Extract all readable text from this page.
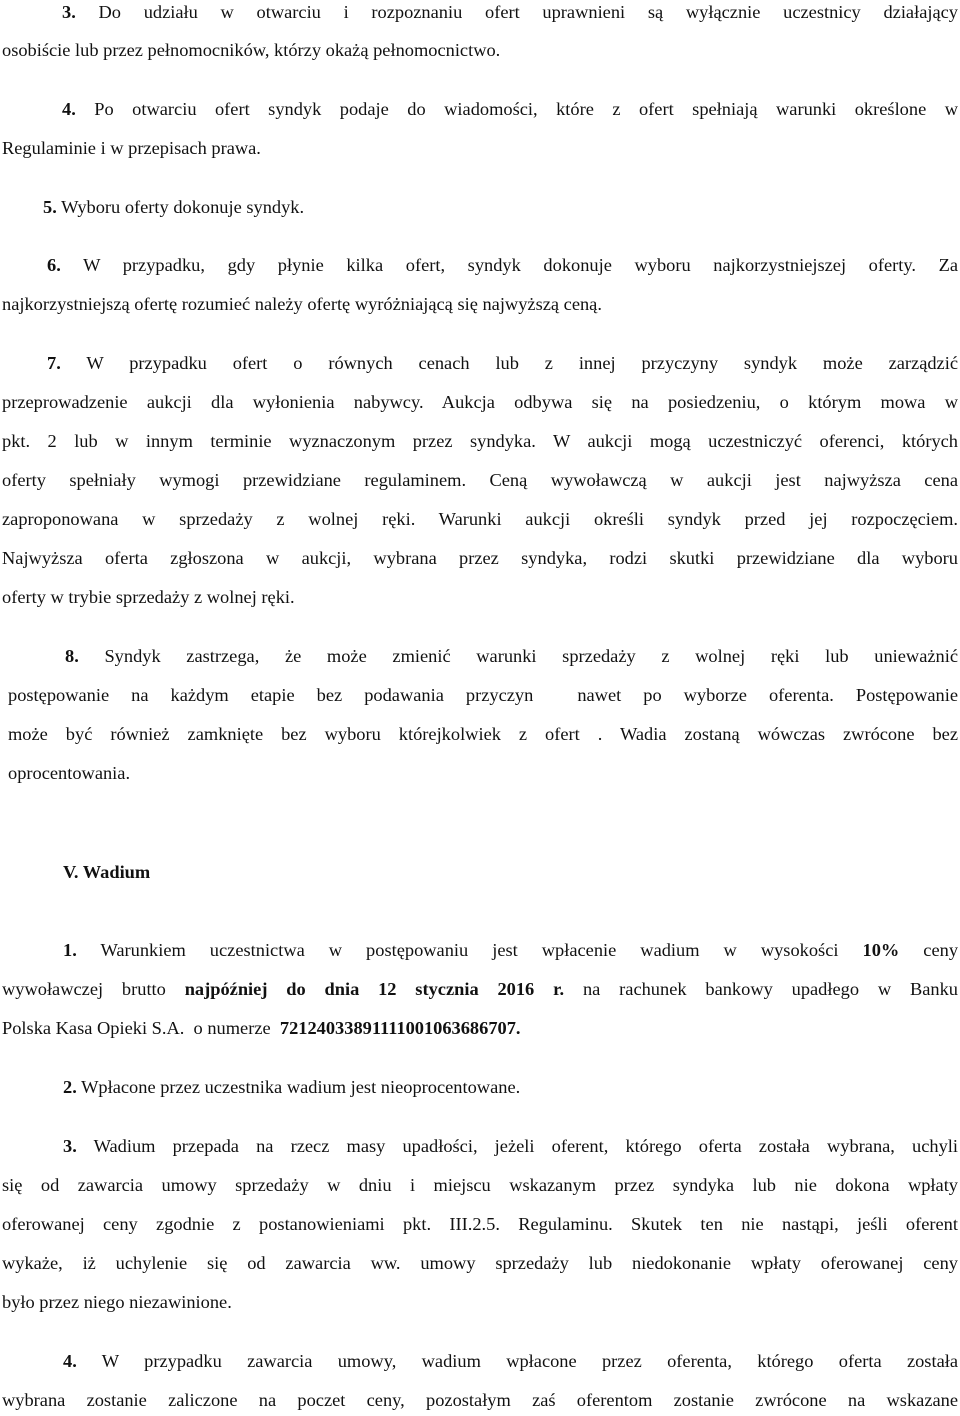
3. Do udziału w otwarciu i rozpoznaniu ofert uprawnieni są wyłącznie uczestnicy działający
osobiście lub przez pełnomocników, którzy okażą pełnomocnictwo.
4. Po otwarciu ofert syndyk podaje do wiadomości, które z ofert spełniają warunki określone w
Regulaminie i w przepisach prawa.
5. Wyboru oferty dokonuje syndyk.
6. W przypadku, gdy płynie kilka ofert, syndyk dokonuje wyboru najkorzystniejszej oferty. Za
najkorzystniejszą ofertę rozumieć należy ofertę wyróżniającą się najwyższą ceną.
7. W przypadku ofert o równych cenach lub z innej przyczyny syndyk może zarządzić
przeprowadzenie aukcji dla wyłonienia nabywcy. Aukcja odbywa się na posiedzeniu, o którym mowa w
pkt. 2 lub w innym terminie wyznaczonym przez syndyka. W aukcji mogą uczestniczyć oferenci, których
oferty spełniały wymogi przewidziane regulaminem. Ceną wywoławczą w aukcji jest najwyższa cena
zaproponowana w sprzedaży z wolnej ręki. Warunki aukcji określi syndyk przed jej rozpoczęciem.
Najwyższa oferta zgłoszona w aukcji, wybrana przez syndyka, rodzi skutki przewidziane dla wyboru
oferty w trybie sprzedaży z wolnej ręki.
8. Syndyk zastrzega, że może zmienić warunki sprzedaży z wolnej ręki lub unieważnić
postępowanie na każdym etapie bez podawania przyczyn  nawet po wyborze oferenta. Postępowanie
może być również zamknięte bez wyboru którejkolwiek z ofert . Wadia zostaną wówczas zwrócone bez
oprocentowania.
V. Wadium
1. Warunkiem uczestnictwa w postępowaniu jest wpłacenie wadium w wysokości 10% ceny
wywoławczej brutto najpóźniej do dnia 12 stycznia 2016 r. na rachunek bankowy upadłego w Banku
Polska Kasa Opieki S.A.  o numerze 72124033891111001063686707.
2. Wpłacone przez uczestnika wadium jest nieoprocentowane.
3. Wadium przepada na rzecz masy upadłości, jeżeli oferent, którego oferta została wybrana, uchyli
się od zawarcia umowy sprzedaży w dniu i miejscu wskazanym przez syndyka lub nie dokona wpłaty
oferowanej ceny zgodnie z postanowieniami pkt. III.2.5. Regulaminu. Skutek ten nie nastąpi, jeśli oferent
wykaże, iż uchylenie się od zawarcia ww. umowy sprzedaży lub niedokonanie wpłaty oferowanej ceny
było przez niego niezawinione.
4. W przypadku zawarcia umowy, wadium wpłacone przez oferenta, którego oferta została
wybrana zostanie zaliczone na poczet ceny, pozostałym zaś oferentom zostanie zwrócone na wskazane
